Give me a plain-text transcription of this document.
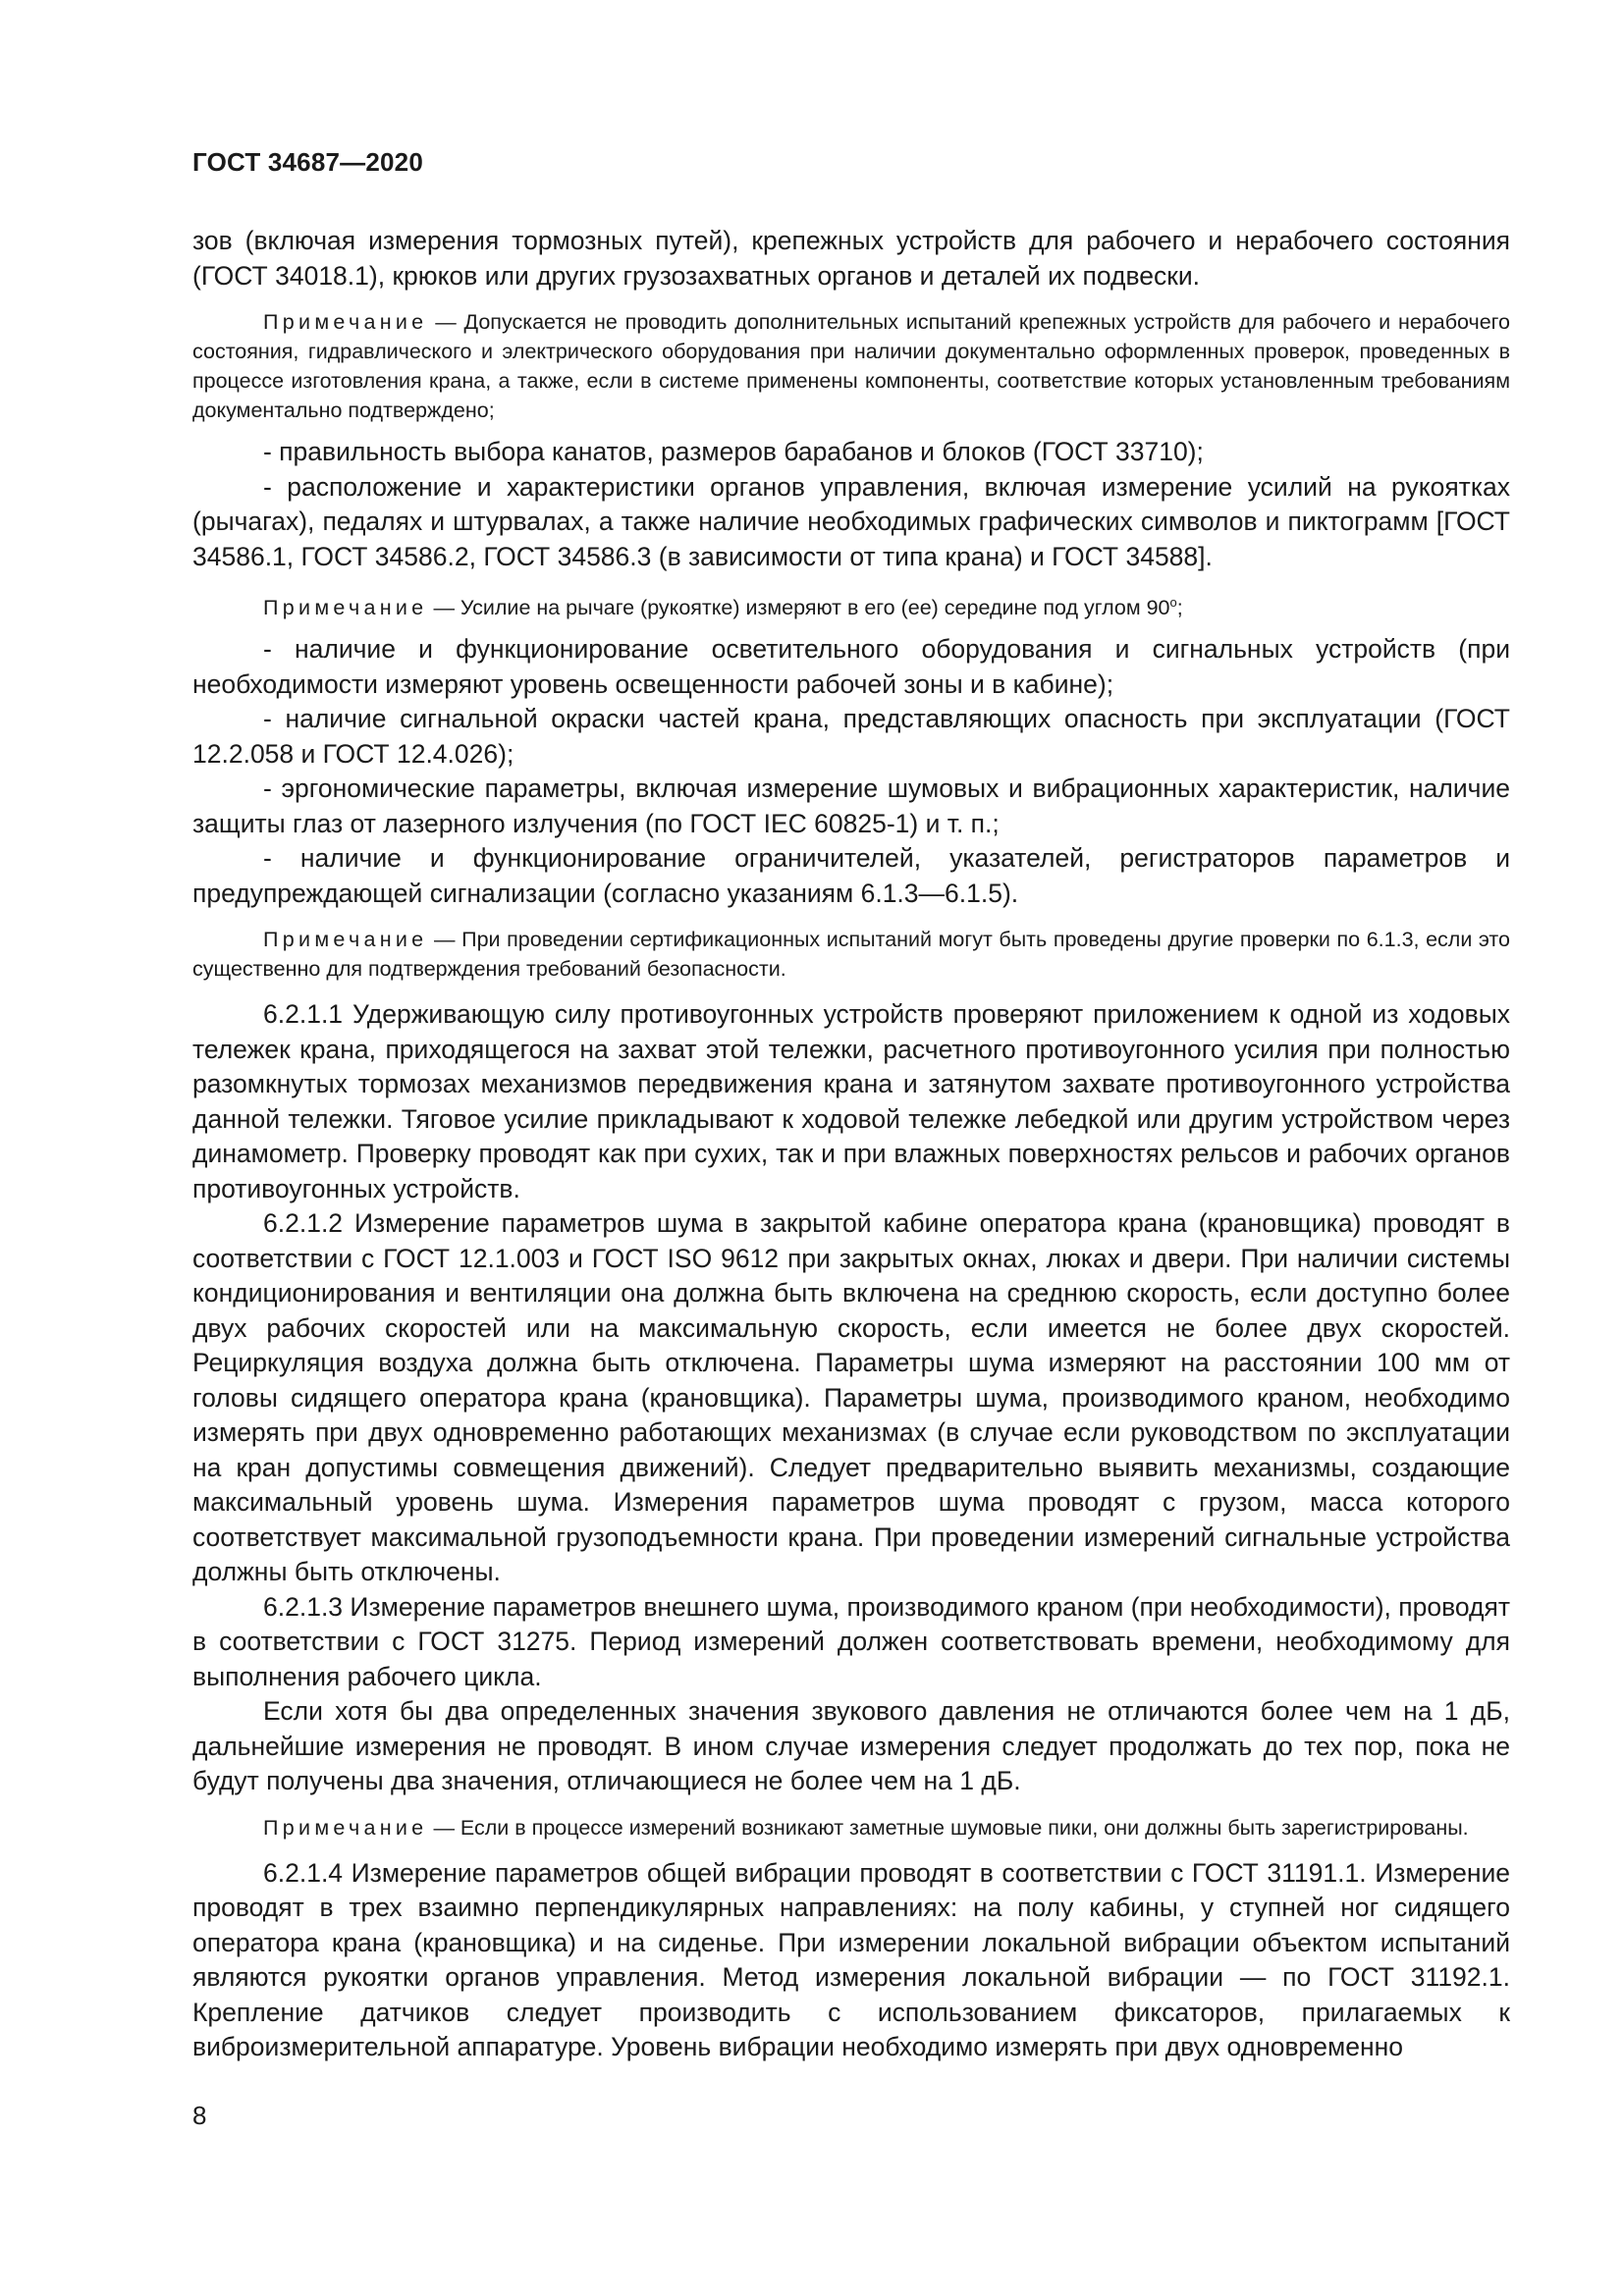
ГОСТ 34687—2020

зов (включая измерения тормозных путей), крепежных устройств для рабочего и нерабочего состояния (ГОСТ 34018.1), крюков или других грузозахватных органов и деталей их подвески.

Примечание — Допускается не проводить дополнительных испытаний крепежных устройств для рабочего и нерабочего состояния, гидравлического и электрического оборудования при наличии документально оформленных проверок, проведенных в процессе изготовления крана, а также, если в системе применены компоненты, соответствие которых установленным требованиям документально подтверждено;

- правильность выбора канатов, размеров барабанов и блоков (ГОСТ 33710);

- расположение и характеристики органов управления, включая измерение усилий на рукоятках (рычагах), педалях и штурвалах, а также наличие необходимых графических символов и пиктограмм [ГОСТ 34586.1, ГОСТ 34586.2, ГОСТ 34586.3 (в зависимости от типа крана) и ГОСТ 34588].

Примечание — Усилие на рычаге (рукоятке) измеряют в его (ее) середине под углом $90^о$;

- наличие и функционирование осветительного оборудования и сигнальных устройств (при необходимости измеряют уровень освещенности рабочей зоны и в кабине);

- наличие сигнальной окраски частей крана, представляющих опасность при эксплуатации (ГОСТ 12.2.058 и ГОСТ 12.4.026);

- эргономические параметры, включая измерение шумовых и вибрационных характеристик, наличие защиты глаз от лазерного излучения (по ГОСТ IEC 60825-1) и т. п.;

- наличие и функционирование ограничителей, указателей, регистраторов параметров и предупреждающей сигнализации (согласно указаниям 6.1.3—6.1.5).

Примечание — При проведении сертификационных испытаний могут быть проведены другие проверки по 6.1.3, если это существенно для подтверждения требований безопасности.

6.2.1.1 Удерживающую силу противоугонных устройств проверяют приложением к одной из ходовых тележек крана, приходящегося на захват этой тележки, расчетного противоугонного усилия при полностью разомкнутых тормозах механизмов передвижения крана и затянутом захвате противоугонного устройства данной тележки. Тяговое усилие прикладывают к ходовой тележке лебедкой или другим устройством через динамометр. Проверку проводят как при сухих, так и при влажных поверхностях рельсов и рабочих органов противоугонных устройств.

6.2.1.2 Измерение параметров шума в закрытой кабине оператора крана (крановщика) проводят в соответствии с ГОСТ 12.1.003 и ГОСТ ISO 9612 при закрытых окнах, люках и двери. При наличии системы кондиционирования и вентиляции она должна быть включена на среднюю скорость, если доступно более двух рабочих скоростей или на максимальную скорость, если имеется не более двух скоростей. Рециркуляция воздуха должна быть отключена. Параметры шума измеряют на расстоянии 100 мм от головы сидящего оператора крана (крановщика). Параметры шума, производимого краном, необходимо измерять при двух одновременно работающих механизмах (в случае если руководством по эксплуатации на кран допустимы совмещения движений). Следует предварительно выявить механизмы, создающие максимальный уровень шума. Измерения параметров шума проводят с грузом, масса которого соответствует максимальной грузоподъемности крана. При проведении измерений сигнальные устройства должны быть отключены.

6.2.1.3 Измерение параметров внешнего шума, производимого краном (при необходимости), проводят в соответствии с ГОСТ 31275. Период измерений должен соответствовать времени, необходимому для выполнения рабочего цикла.

Если хотя бы два определенных значения звукового давления не отличаются более чем на 1 дБ, дальнейшие измерения не проводят. В ином случае измерения следует продолжать до тех пор, пока не будут получены два значения, отличающиеся не более чем на 1 дБ.

Примечание — Если в процессе измерений возникают заметные шумовые пики, они должны быть зарегистрированы.

6.2.1.4 Измерение параметров общей вибрации проводят в соответствии с ГОСТ 31191.1. Измерение проводят в трех взаимно перпендикулярных направлениях: на полу кабины, у ступней ног сидящего оператора крана (крановщика) и на сиденье. При измерении локальной вибрации объектом испытаний являются рукоятки органов управления. Метод измерения локальной вибрации — по ГОСТ 31192.1. Крепление датчиков следует производить с использованием фиксаторов, прилагаемых к виброизмерительной аппаратуре. Уровень вибрации необходимо измерять при двух одновременно

8
